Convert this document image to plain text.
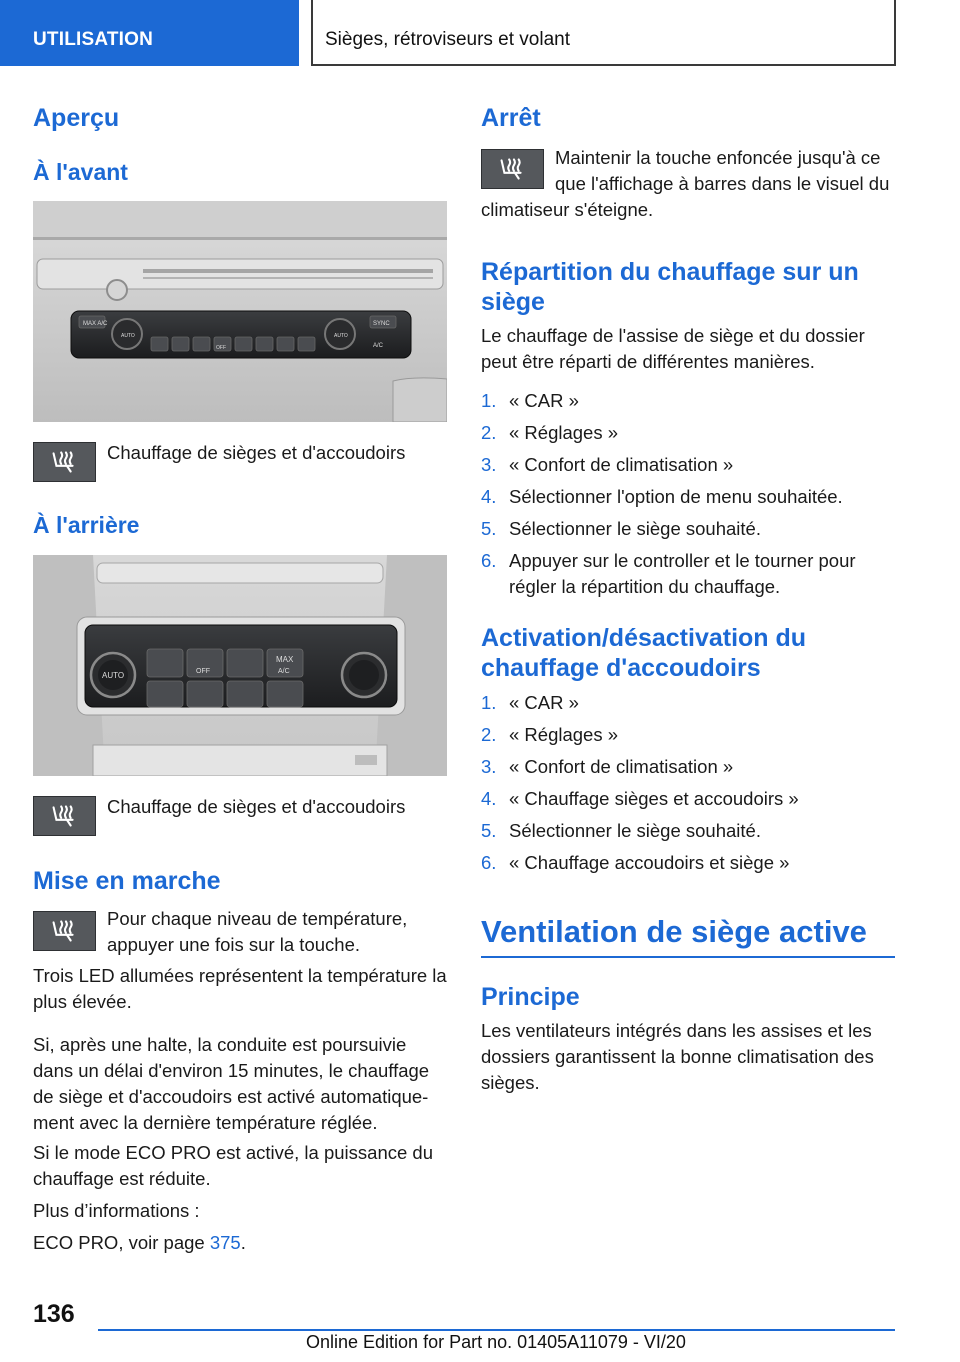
UTILISATION	Sièges, rétroviseurs et volant
Aperçu
À l'avant
MAX A/C	SYNC
A/C
AUTO	AUTO
OFF
Chauffage de sièges et d'accoudoirs
À l'arrière
AUTO	OFF
MAX
A/C
Chauffage de sièges et d'accoudoirs
Mise en marche
Pour chaque niveau de température,
appuyer une fois sur la touche.
Trois LED allumées représentent la température la plus élevée.
Si, après une halte, la conduite est poursuivie dans un délai d'environ 15 minutes, le chauffage de siège et d'accoudoirs est activé automatique-ment avec la dernière température réglée.
Si le mode ECO PRO est activé, la puissance du chauffage est réduite.
Plus d’informations :
ECO PRO, voir page 375.
Arrêt
Maintenir la touche enfoncée jusqu'à ce
que l'affichage à barres dans le visuel du
climatiseur s'éteigne.
Répartition du chauffage sur un
siège
Le chauffage de l'assise de siège et du dossier peut être réparti de différentes manières.
1. « CAR »
2. « Réglages »
3. « Confort de climatisation »
4. Sélectionner l'option de menu souhaitée.
5. Sélectionner le siège souhaité.
6. Appuyer sur le controller et le tourner pour régler la répartition du chauffage.
Activation/désactivation du
chauffage d'accoudoirs
1. « CAR »
2. « Réglages »
3. « Confort de climatisation »
4. « Chauffage sièges et accoudoirs »
5. Sélectionner le siège souhaité.
6. « Chauffage accoudoirs et siège »
Ventilation de siège active
Principe
Les ventilateurs intégrés dans les assises et les dossiers garantissent la bonne climatisation des sièges.
136
Online Edition for Part no. 01405A11079 - VI/20
